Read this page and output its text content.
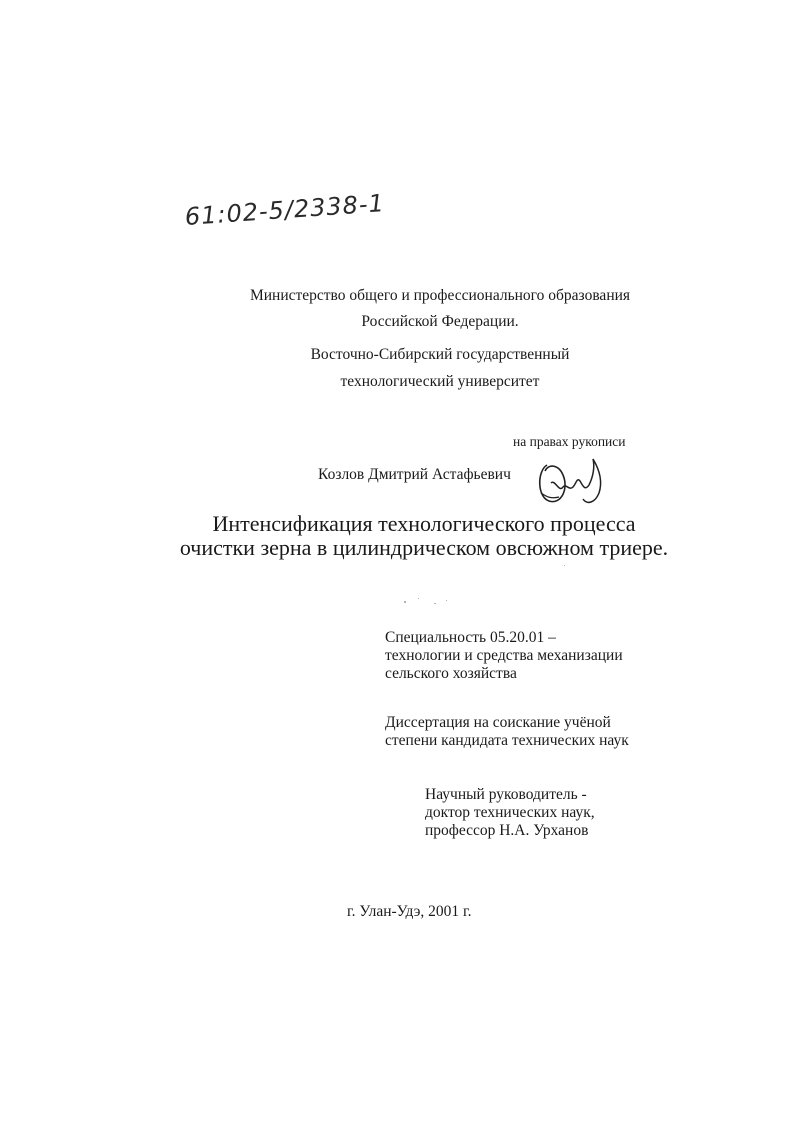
61:02-5/2338-1
Министерство общего и профессионального образования
Российской Федерации.
Восточно-Сибирский государственный
технологический университет
на правах рукописи
Козлов Дмитрий Астафьевич
Интенсификация технологического процесса
очистки зерна в цилиндрическом овсюжном триере.
Специальность 05.20.01 –
технологии и средства механизации
сельского хозяйства
Диссертация на соискание учёной
степени кандидата технических наук
Научный руководитель -
доктор технических наук,
профессор Н.А. Урханов
г. Улан-Удэ, 2001 г.
